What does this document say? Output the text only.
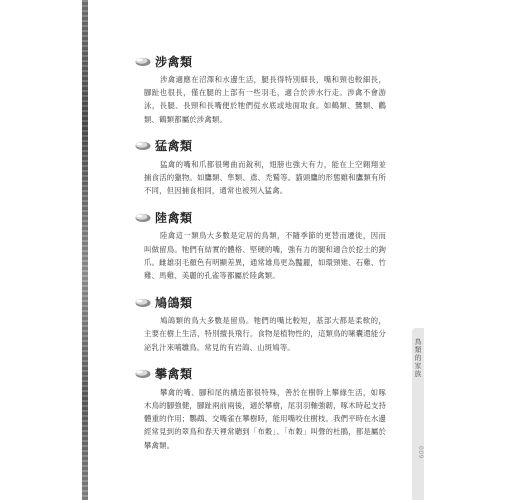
涉禽類

涉禽適應在沼澤和水邊生活，腿長得特別細長，嘴和頸也較細長，腳趾也很長，僅在腿的上部有一些羽毛，適合於涉水行走。涉禽不會游泳，長腿、長頸和長嘴便於牠們從水底或地面取食。如鶴類、鷺類、鸛類、鶴類都屬於涉禽類。

猛禽類

猛禽的嘴和爪都很彎曲而銳利，翅膀也強大有力，能在上空翱翔並捕食活的獵物。如鷹類、隼類、鳶、禿鷲等。貓頭鷹的形態雖和鷹類有所不同，但因捕食相同，通常也被列入猛禽。

陸禽類

陸禽這一類鳥大多數是定居的鳥類，不隨季節的更替而遷徙，因而叫做留鳥。牠們有結實的體格、堅硬的嘴，強有力的腿和適合於挖土的鉤爪。雌雄羽毛顏色有明顯差異，通常雄鳥更為豔麗，如環頸雉、石雞、竹雞、馬雞、美麗的孔雀等都屬於陸禽類。

鳩鴿類

鳩鴿類的鳥大多數是留鳥。牠們的嘴比較短，基部大都是柔軟的，主要在樹上生活，特別擅長飛行。食物是植物性的，這類鳥的嗉囊還能分泌乳汁來哺雛鳥。常見的有岩鴿、山斑鳩等。

攀禽類

攀禽的嘴、腳和尾的構造都很特殊，善於在樹幹上攀緣生活，如啄木鳥的腳強健，腳趾兩前兩後，適於攀樹，尾羽羽軸強韌，啄木時起支持體重的作用；鸚鵡、交嘴雀在攀樹時，能用嘴咬住樹枝。我們平時在水邊經常見到的翠鳥和春天裡常聽到「布穀」、「布穀」叫聲的杜鵑，都是屬於攀禽類。

鳥類的家族
009
